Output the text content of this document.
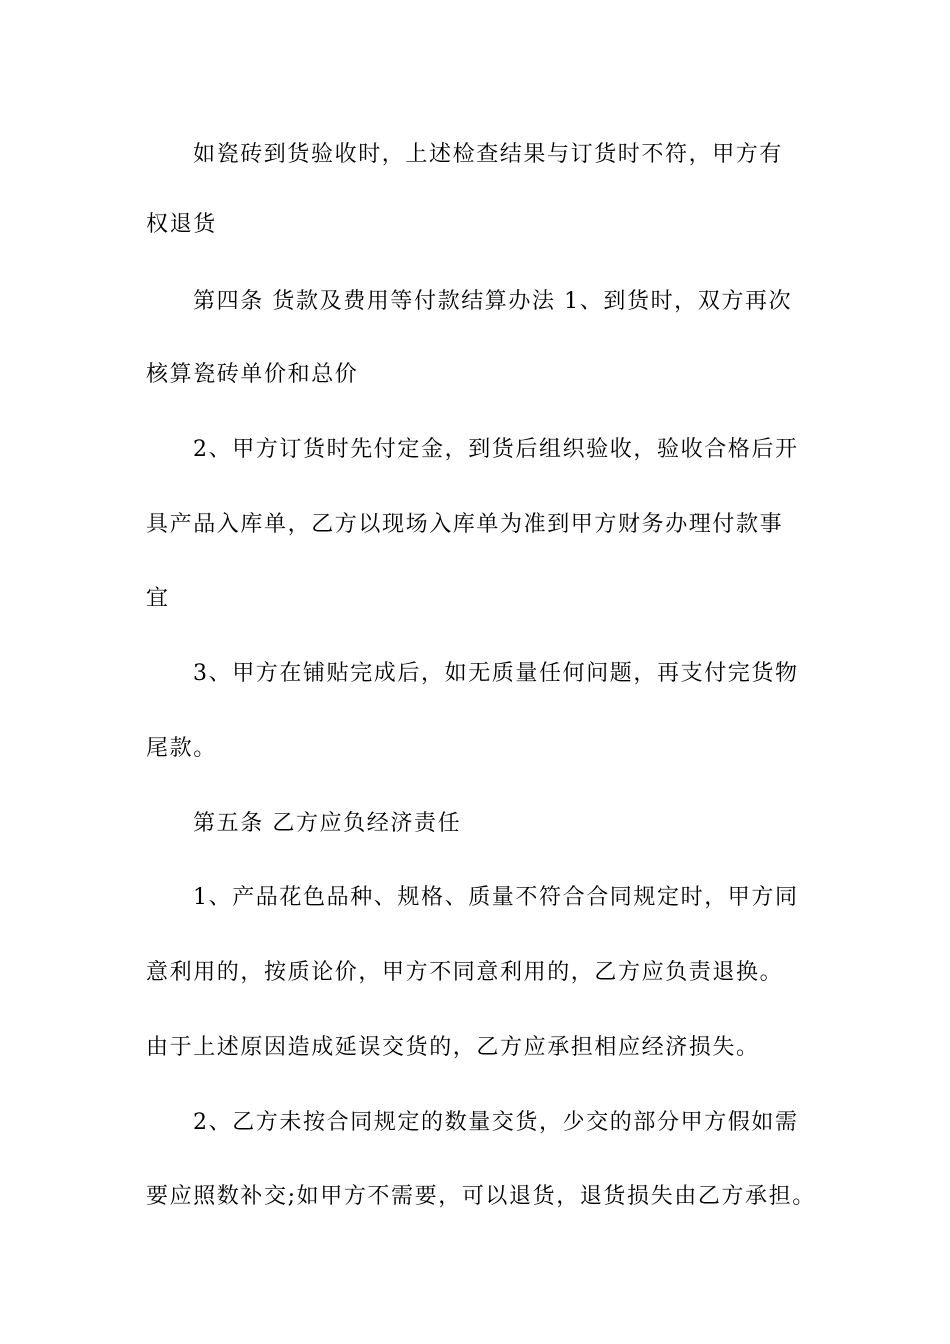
如瓷砖到货验收时，上述检查结果与订货时不符，甲方有
权退货
第四条 货款及费用等付款结算办法 1、到货时，双方再次
核算瓷砖单价和总价
2、甲方订货时先付定金，到货后组织验收，验收合格后开
具产品入库单，乙方以现场入库单为准到甲方财务办理付款事
宜
3、甲方在铺贴完成后，如无质量任何问题，再支付完货物
尾款。
第五条 乙方应负经济责任
1、产品花色品种、规格、质量不符合合同规定时，甲方同
意利用的，按质论价，甲方不同意利用的，乙方应负责退换。
由于上述原因造成延误交货的，乙方应承担相应经济损失。
2、乙方未按合同规定的数量交货，少交的部分甲方假如需
要应照数补交;如甲方不需要，可以退货，退货损失由乙方承担。
